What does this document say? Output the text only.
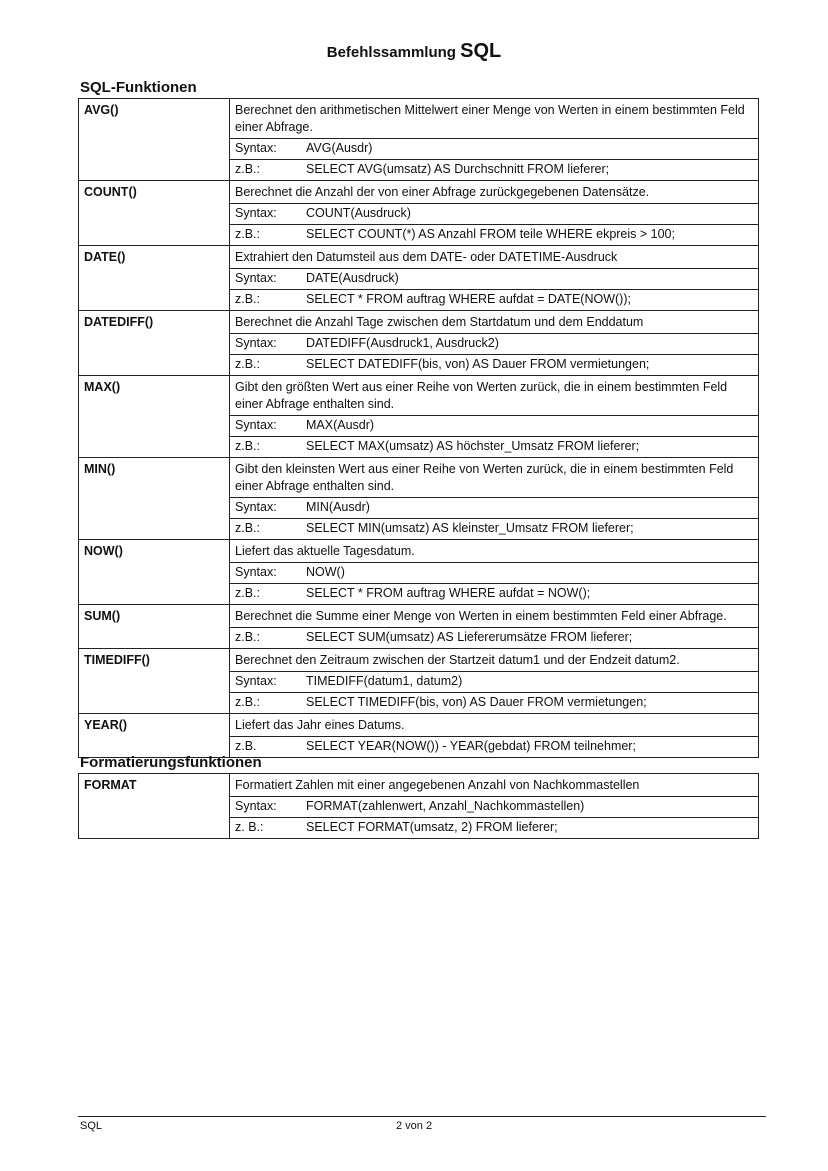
Befehlssammlung SQL
SQL-Funktionen
AVG()	Berechnet den arithmetischen Mittelwert einer Menge von Werten in einem bestimmten Feld einer Abfrage.
Syntax: AVG(Ausdr)
z.B.: SELECT AVG(umsatz) AS Durchschnitt FROM lieferer;

COUNT()	Berechnet die Anzahl der von einer Abfrage zurückgegebenen Datensätze.
Syntax: COUNT(Ausdruck)
z.B.: SELECT COUNT(*) AS Anzahl FROM teile WHERE ekpreis > 100;

DATE()	Extrahiert den Datumsteil aus dem DATE- oder DATETIME-Ausdruck
Syntax: DATE(Ausdruck)
z.B.: SELECT * FROM auftrag WHERE aufdat = DATE(NOW());

DATEDIFF()	Berechnet die Anzahl Tage zwischen dem Startdatum und dem Enddatum
Syntax: DATEDIFF(Ausdruck1, Ausdruck2)
z.B.: SELECT DATEDIFF(bis, von) AS Dauer FROM vermietungen;

MAX()	Gibt den größten Wert aus einer Reihe von Werten zurück, die in einem bestimmten Feld einer Abfrage enthalten sind.
Syntax: MAX(Ausdr)
z.B.: SELECT MAX(umsatz) AS höchster_Umsatz FROM lieferer;

MIN()	Gibt den kleinsten Wert aus einer Reihe von Werten zurück, die in einem bestimmten Feld einer Abfrage enthalten sind.
Syntax: MIN(Ausdr)
z.B.: SELECT MIN(umsatz) AS kleinster_Umsatz FROM lieferer;

NOW()	Liefert das aktuelle Tagesdatum.
Syntax: NOW()
z.B.: SELECT * FROM auftrag WHERE aufdat = NOW();

SUM()	Berechnet die Summe einer Menge von Werten in einem bestimmten Feld einer Abfrage.
z.B.: SELECT SUM(umsatz) AS Liefererumsätze FROM lieferer;

TIMEDIFF()	Berechnet den Zeitraum zwischen der Startzeit datum1 und der Endzeit datum2.
Syntax: TIMEDIFF(datum1, datum2)
z.B.: SELECT TIMEDIFF(bis, von) AS Dauer FROM vermietungen;

YEAR()	Liefert das Jahr eines Datums.
z.B. SELECT YEAR(NOW()) - YEAR(gebdat) FROM teilnehmer;
Formatierungsfunktionen
FORMAT	Formatiert Zahlen mit einer angegebenen Anzahl von Nachkommastellen
Syntax:	FORMAT(zahlenwert, Anzahl_Nachkommastellen)
z. B.:	SELECT FORMAT(umsatz, 2) FROM lieferer;
SQL	2 von 2
